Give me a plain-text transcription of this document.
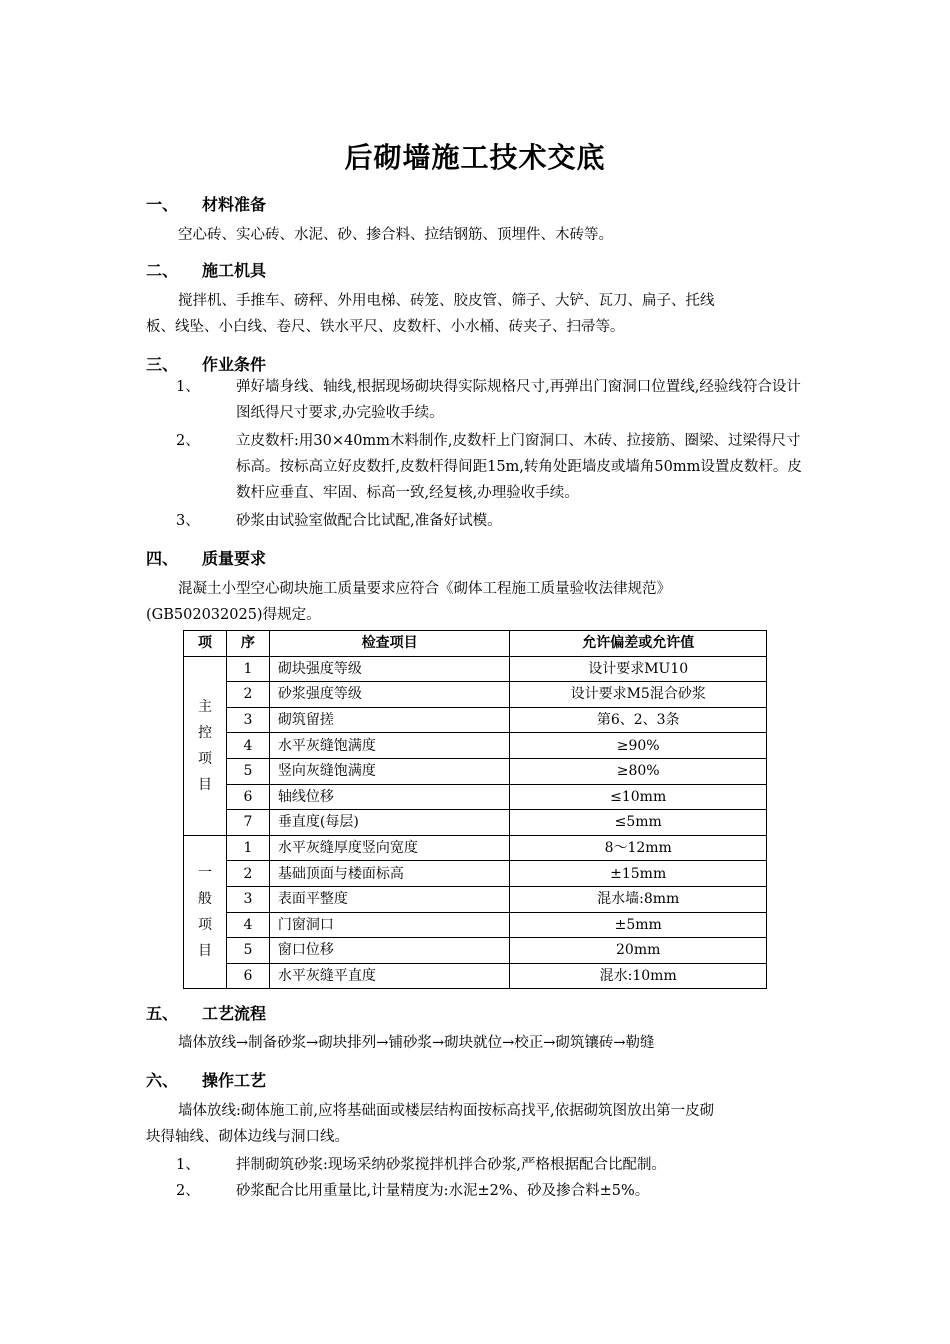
后砌墙施工技术交底
一、 材料准备
空心砖、实心砖、水泥、砂、掺合料、拉结钢筋、顶埋件、木砖等。
二、 施工机具
搅拌机、手推车、磅秤、外用电梯、砖笼、胶皮管、筛子、大铲、瓦刀、扁子、托线
板、线坠、小白线、卷尺、铁水平尺、皮数杆、小水桶、砖夹子、扫帚等。
三、 作业条件
1、	弹好墙身线、轴线,根据现场砌块得实际规格尺寸,再弹出门窗洞口位置线,经验线符合设计图纸得尺寸要求,办完验收手续。
2、	立皮数杆:用30×40mm木料制作,皮数杆上门窗洞口、木砖、拉接筋、圈梁、过梁得尺寸标高。按标高立好皮数扦,皮数杆得间距15m,转角处距墙皮或墙角50mm设置皮数杆。皮数杆应垂直、牢固、标高一致,经复核,办理验收手续。
3、	砂浆由试验室做配合比试配,准备好试模。
四、 质量要求
混凝土小型空心砌块施工质量要求应符合《砌体工程施工质量验收法律规范》
(GB502032025)得规定。
项	序	检查项目	允许偏差或允许值

主控项目	1	砌块强度等级	设计要求MU10
	2	砂浆强度等级	设计要求M5混合砂浆
	3	砌筑留搓	第6、2、3条
	4	水平灰缝饱满度	≥90%
	5	竖向灰缝饱满度	≥80%
	6	轴线位移	≤10mm
	7	垂直度(每层)	≤5mm

一般项目	1	水平灰缝厚度竖向宽度	8～12mm
	2	基础顶面与楼面标高	±15mm
	3	表面平整度	混水墙:8mm
	4	门窗洞口	±5mm
	5	窗口位移	20mm
	6	水平灰缝平直度	混水:10mm
五、 工艺流程
墙体放线→制备砂浆→砌块排列→铺砂浆→砌块就位→校正→砌筑镶砖→勒缝
六、 操作工艺
墙体放线:砌体施工前,应将基础面或楼层结构面按标高找平,依据砌筑图放出第一皮砌
块得轴线、砌体边线与洞口线。
1、	拌制砌筑砂浆:现场采纳砂浆搅拌机拌合砂浆,严格根据配合比配制。
2、	砂浆配合比用重量比,计量精度为:水泥±2%、砂及掺合料±5%。
